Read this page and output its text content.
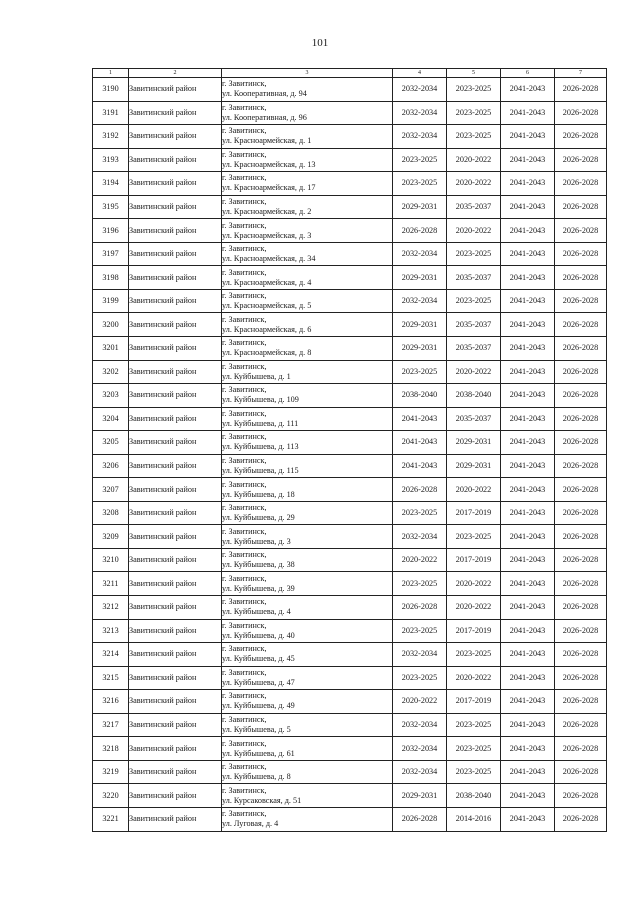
101
1	2	3	4	5	6	7
3190	Завитинский район	г. Завитинск,
ул. Кооперативная, д. 94	2032-2034	2023-2025	2041-2043	2026-2028
3191	Завитинский район	г. Завитинск,
ул. Кооперативная, д. 96	2032-2034	2023-2025	2041-2043	2026-2028
3192	Завитинский район	г. Завитинск,
ул. Красноармейская, д. 1	2032-2034	2023-2025	2041-2043	2026-2028
3193	Завитинский район	г. Завитинск,
ул. Красноармейская, д. 13	2023-2025	2020-2022	2041-2043	2026-2028
3194	Завитинский район	г. Завитинск,
ул. Красноармейская, д. 17	2023-2025	2020-2022	2041-2043	2026-2028
3195	Завитинский район	г. Завитинск,
ул. Красноармейская, д. 2	2029-2031	2035-2037	2041-2043	2026-2028
3196	Завитинский район	г. Завитинск,
ул. Красноармейская, д. 3	2026-2028	2020-2022	2041-2043	2026-2028
3197	Завитинский район	г. Завитинск,
ул. Красноармейская, д. 34	2032-2034	2023-2025	2041-2043	2026-2028
3198	Завитинский район	г. Завитинск,
ул. Красноармейская, д. 4	2029-2031	2035-2037	2041-2043	2026-2028
3199	Завитинский район	г. Завитинск,
ул. Красноармейская, д. 5	2032-2034	2023-2025	2041-2043	2026-2028
3200	Завитинский район	г. Завитинск,
ул. Красноармейская, д. 6	2029-2031	2035-2037	2041-2043	2026-2028
3201	Завитинский район	г. Завитинск,
ул. Красноармейская, д. 8	2029-2031	2035-2037	2041-2043	2026-2028
3202	Завитинский район	г. Завитинск,
ул. Куйбышева, д. 1	2023-2025	2020-2022	2041-2043	2026-2028
3203	Завитинский район	г. Завитинск,
ул. Куйбышева, д. 109	2038-2040	2038-2040	2041-2043	2026-2028
3204	Завитинский район	г. Завитинск,
ул. Куйбышева, д. 111	2041-2043	2035-2037	2041-2043	2026-2028
3205	Завитинский район	г. Завитинск,
ул. Куйбышева, д. 113	2041-2043	2029-2031	2041-2043	2026-2028
3206	Завитинский район	г. Завитинск,
ул. Куйбышева, д. 115	2041-2043	2029-2031	2041-2043	2026-2028
3207	Завитинский район	г. Завитинск,
ул. Куйбышева, д. 18	2026-2028	2020-2022	2041-2043	2026-2028
3208	Завитинский район	г. Завитинск,
ул. Куйбышева, д. 29	2023-2025	2017-2019	2041-2043	2026-2028
3209	Завитинский район	г. Завитинск,
ул. Куйбышева, д. 3	2032-2034	2023-2025	2041-2043	2026-2028
3210	Завитинский район	г. Завитинск,
ул. Куйбышева, д. 38	2020-2022	2017-2019	2041-2043	2026-2028
3211	Завитинский район	г. Завитинск,
ул. Куйбышева, д. 39	2023-2025	2020-2022	2041-2043	2026-2028
3212	Завитинский район	г. Завитинск,
ул. Куйбышева, д. 4	2026-2028	2020-2022	2041-2043	2026-2028
3213	Завитинский район	г. Завитинск,
ул. Куйбышева, д. 40	2023-2025	2017-2019	2041-2043	2026-2028
3214	Завитинский район	г. Завитинск,
ул. Куйбышева, д. 45	2032-2034	2023-2025	2041-2043	2026-2028
3215	Завитинский район	г. Завитинск,
ул. Куйбышева, д. 47	2023-2025	2020-2022	2041-2043	2026-2028
3216	Завитинский район	г. Завитинск,
ул. Куйбышева, д. 49	2020-2022	2017-2019	2041-2043	2026-2028
3217	Завитинский район	г. Завитинск,
ул. Куйбышева, д. 5	2032-2034	2023-2025	2041-2043	2026-2028
3218	Завитинский район	г. Завитинск,
ул. Куйбышева, д. 61	2032-2034	2023-2025	2041-2043	2026-2028
3219	Завитинский район	г. Завитинск,
ул. Куйбышева, д. 8	2032-2034	2023-2025	2041-2043	2026-2028
3220	Завитинский район	г. Завитинск,
ул. Курсаковская, д. 51	2029-2031	2038-2040	2041-2043	2026-2028
3221	Завитинский район	г. Завитинск,
ул. Луговая, д. 4	2026-2028	2014-2016	2041-2043	2026-2028
